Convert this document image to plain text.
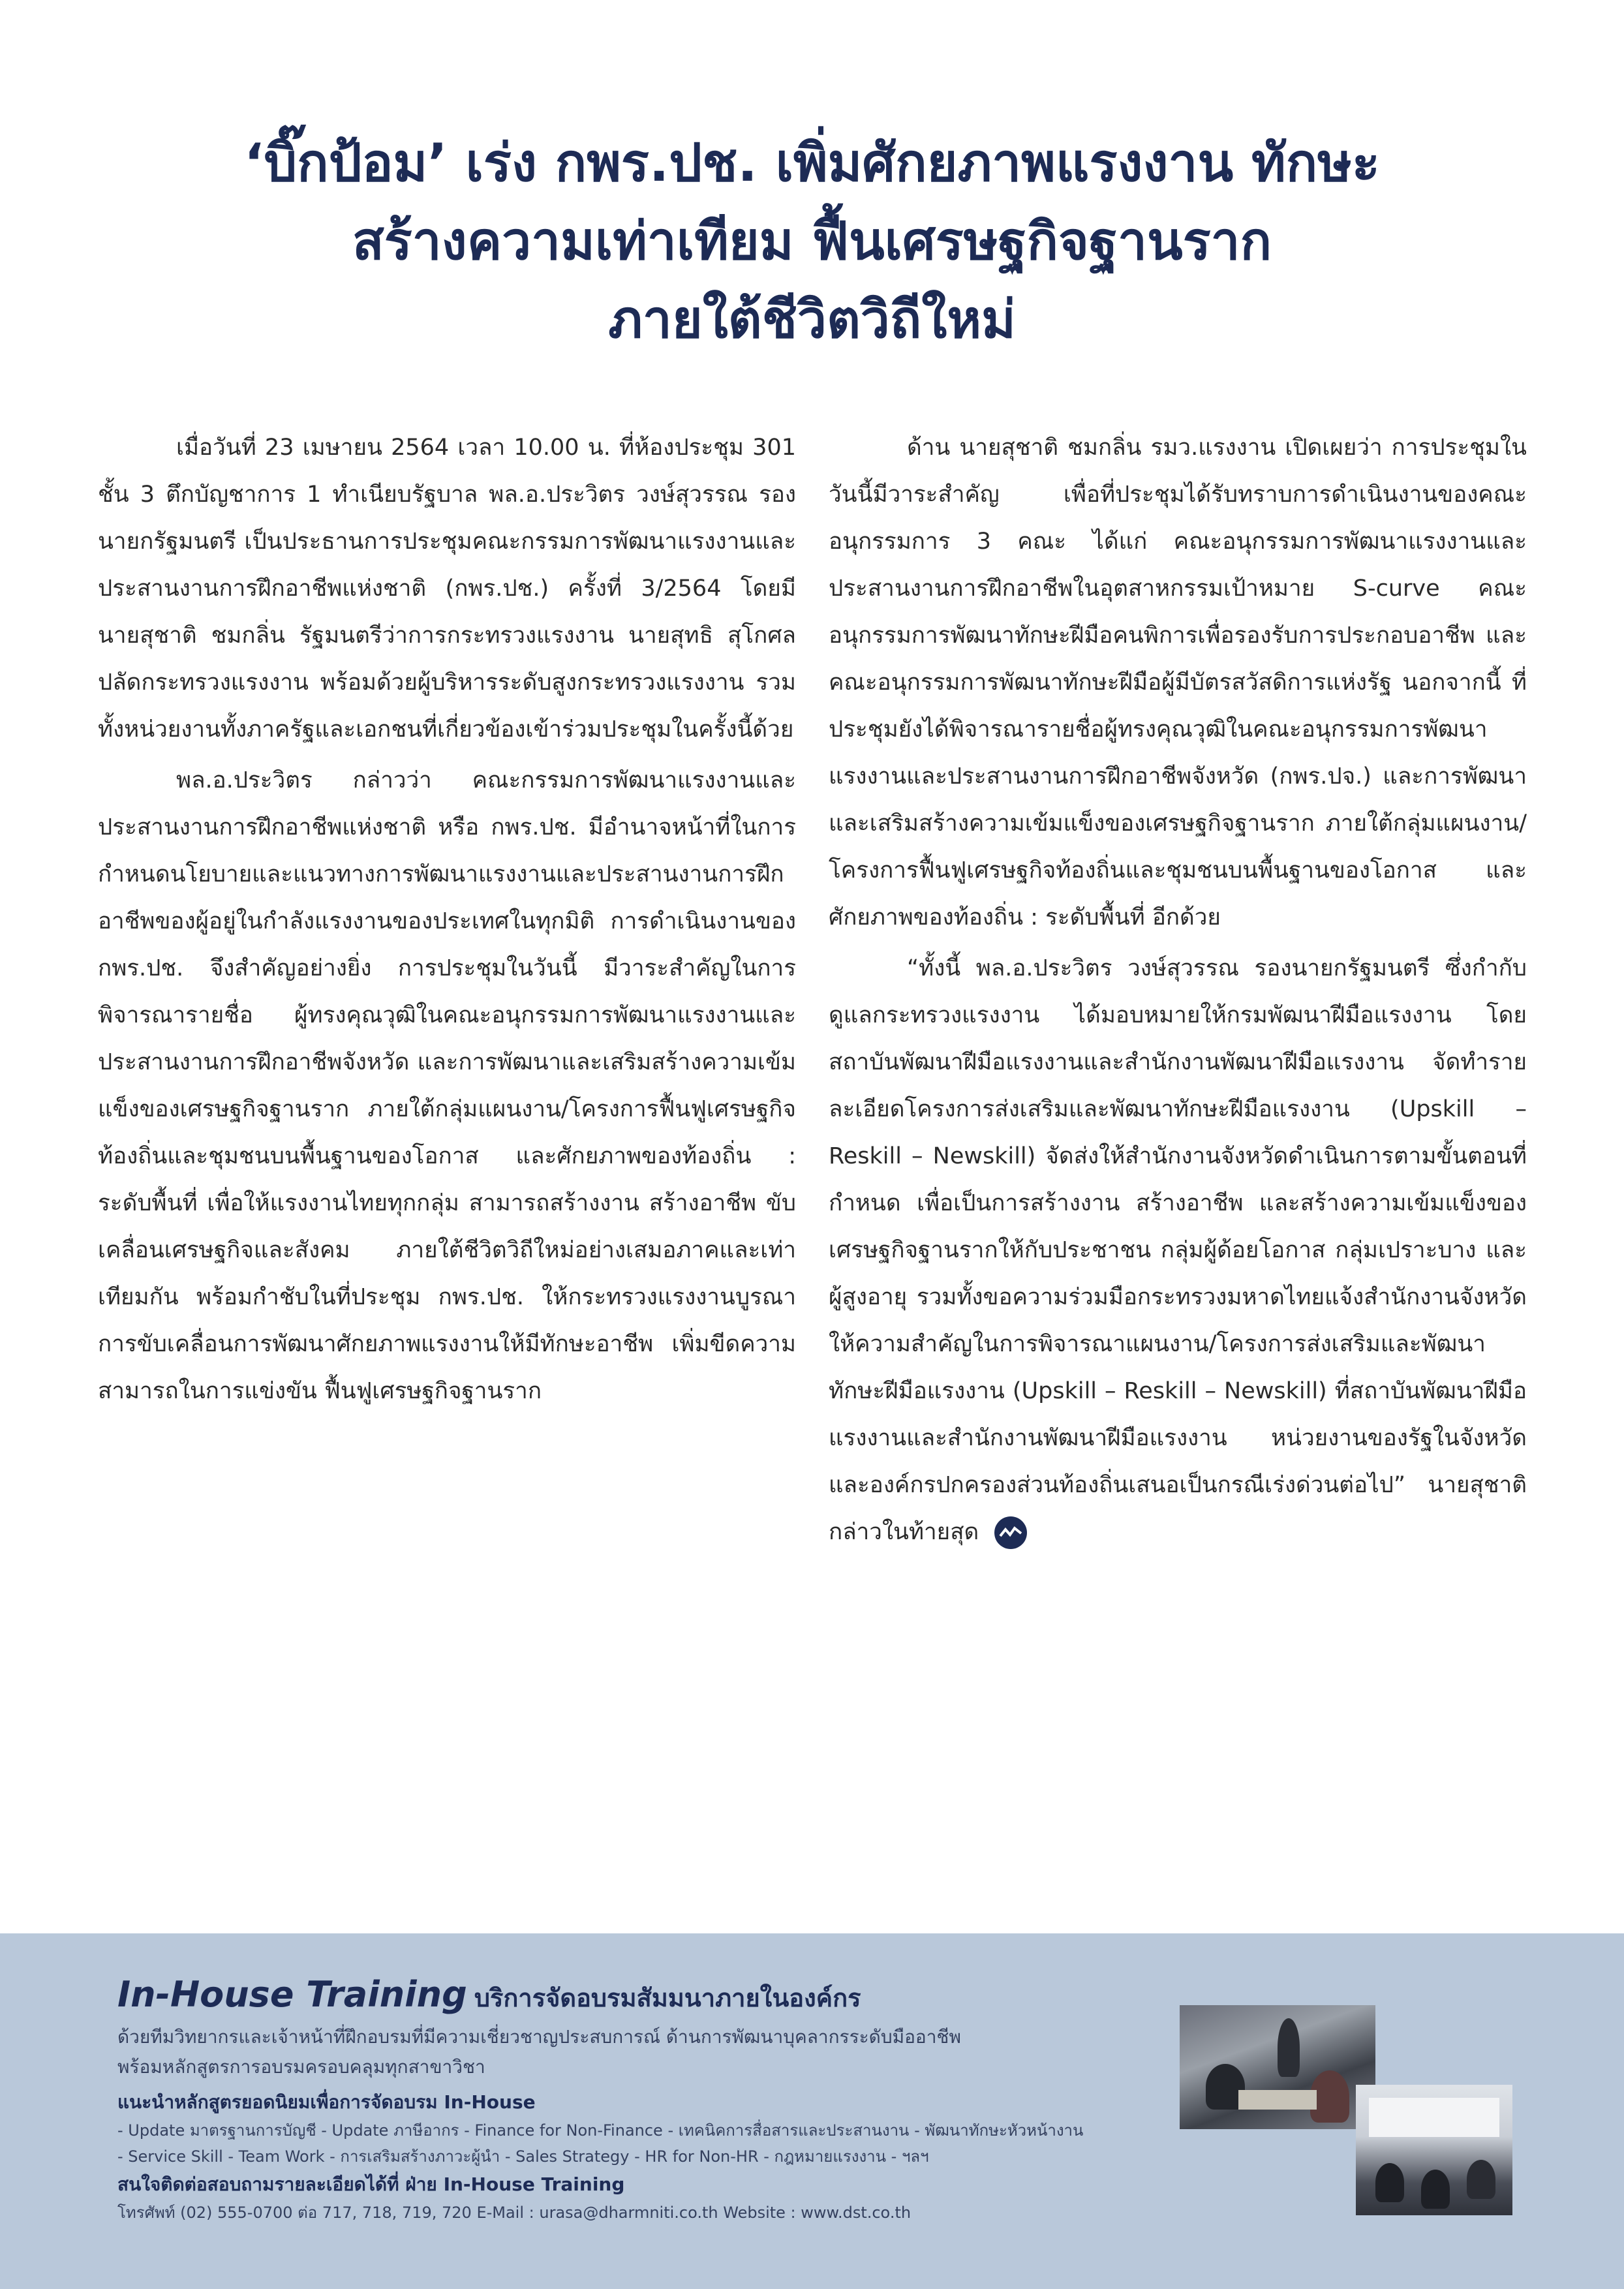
‘บิ๊กป้อม’ เร่ง กพร.ปช. เพิ่มศักยภาพแรงงาน ทักษะ
สร้างความเท่าเทียม ฟื้นเศรษฐกิจฐานราก
ภายใต้ชีวิตวิถีใหม่

เมื่อวันที่ 23 เมษายน 2564 เวลา 10.00 น. ที่ห้องประชุม 301 ชั้น 3 ตึกบัญชาการ 1 ทำเนียบรัฐบาล พล.อ.ประวิตร วงษ์สุวรรณ รองนายกรัฐมนตรี เป็นประธานการประชุมคณะกรรมการพัฒนาแรงงานและประสานงานการฝึกอาชีพแห่งชาติ (กพร.ปช.) ครั้งที่ 3/2564 โดยมี นายสุชาติ ชมกลิ่น รัฐมนตรีว่าการกระทรวงแรงงาน นายสุทธิ สุโกศล ปลัดกระทรวงแรงงาน พร้อมด้วยผู้บริหารระดับสูงกระทรวงแรงงาน รวมทั้งหน่วยงานทั้งภาครัฐและเอกชนที่เกี่ยวข้องเข้าร่วมประชุมในครั้งนี้ด้วย

พล.อ.ประวิตร กล่าวว่า คณะกรรมการพัฒนาแรงงานและประสานงานการฝึกอาชีพแห่งชาติ หรือ กพร.ปช. มีอำนาจหน้าที่ในการกำหนดนโยบายและแนวทางการพัฒนาแรงงานและประสานงานการฝึกอาชีพของผู้อยู่ในกำลังแรงงานของประเทศในทุกมิติ การดำเนินงานของ กพร.ปช. จึงสำคัญอย่างยิ่ง การประชุมในวันนี้ มีวาระสำคัญในการพิจารณารายชื่อ ผู้ทรงคุณวุฒิในคณะอนุกรรมการพัฒนาแรงงานและประสานงานการฝึกอาชีพจังหวัด และการพัฒนาและเสริมสร้างความเข้มแข็งของเศรษฐกิจฐานราก ภายใต้กลุ่มแผนงาน/โครงการฟื้นฟูเศรษฐกิจท้องถิ่นและชุมชนบนพื้นฐานของโอกาส และศักยภาพของท้องถิ่น : ระดับพื้นที่ เพื่อให้แรงงานไทยทุกกลุ่ม สามารถสร้างงาน สร้างอาชีพ ขับเคลื่อนเศรษฐกิจและสังคม ภายใต้ชีวิตวิถีใหม่อย่างเสมอภาคและเท่าเทียมกัน พร้อมกำชับในที่ประชุม กพร.ปช. ให้กระทรวงแรงงานบูรณาการขับเคลื่อนการพัฒนาศักยภาพแรงงานให้มีทักษะอาชีพ เพิ่มขีดความสามารถในการแข่งขัน ฟื้นฟูเศรษฐกิจฐานราก

ด้าน นายสุชาติ ชมกลิ่น รมว.แรงงาน เปิดเผยว่า การประชุมในวันนี้มีวาระสำคัญ เพื่อที่ประชุมได้รับทราบการดำเนินงานของคณะอนุกรรมการ 3 คณะ ได้แก่ คณะอนุกรรมการพัฒนาแรงงานและประสานงานการฝึกอาชีพในอุตสาหกรรมเป้าหมาย S-curve คณะอนุกรรมการพัฒนาทักษะฝีมือคนพิการเพื่อรองรับการประกอบอาชีพ และคณะอนุกรรมการพัฒนาทักษะฝีมือผู้มีบัตรสวัสดิการแห่งรัฐ นอกจากนี้ ที่ประชุมยังได้พิจารณารายชื่อผู้ทรงคุณวุฒิในคณะอนุกรรมการพัฒนาแรงงานและประสานงานการฝึกอาชีพจังหวัด (กพร.ปจ.) และการพัฒนาและเสริมสร้างความเข้มแข็งของเศรษฐกิจฐานราก ภายใต้กลุ่มแผนงาน/โครงการฟื้นฟูเศรษฐกิจท้องถิ่นและชุมชนบนพื้นฐานของโอกาส และศักยภาพของท้องถิ่น : ระดับพื้นที่ อีกด้วย

“ทั้งนี้ พล.อ.ประวิตร วงษ์สุวรรณ รองนายกรัฐมนตรี ซึ่งกำกับดูแลกระทรวงแรงงาน ได้มอบหมายให้กรมพัฒนาฝีมือแรงงาน โดยสถาบันพัฒนาฝีมือแรงงานและสำนักงานพัฒนาฝีมือแรงงาน จัดทำรายละเอียดโครงการส่งเสริมและพัฒนาทักษะฝีมือแรงงาน (Upskill – Reskill – Newskill) จัดส่งให้สำนักงานจังหวัดดำเนินการตามขั้นตอนที่กำหนด เพื่อเป็นการสร้างงาน สร้างอาชีพ และสร้างความเข้มแข็งของเศรษฐกิจฐานรากให้กับประชาชน กลุ่มผู้ด้อยโอกาส กลุ่มเปราะบาง และผู้สูงอายุ รวมทั้งขอความร่วมมือกระทรวงมหาดไทยแจ้งสำนักงานจังหวัดให้ความสำคัญในการพิจารณาแผนงาน/โครงการส่งเสริมและพัฒนาทักษะฝีมือแรงงาน (Upskill – Reskill – Newskill) ที่สถาบันพัฒนาฝีมือแรงงานและสำนักงานพัฒนาฝีมือแรงงาน หน่วยงานของรัฐในจังหวัดและองค์กรปกครองส่วนท้องถิ่นเสนอเป็นกรณีเร่งด่วนต่อไป” นายสุชาติ กล่าวในท้ายสุด

In-House Training บริการจัดอบรมสัมมนาภายในองค์กร
ด้วยทีมวิทยากรและเจ้าหน้าที่ฝึกอบรมที่มีความเชี่ยวชาญประสบการณ์ ด้านการพัฒนาบุคลากรระดับมืออาชีพ
พร้อมหลักสูตรการอบรมครอบคลุมทุกสาขาวิชา
แนะนำหลักสูตรยอดนิยมเพื่อการจัดอบรม In-House
- Update มาตรฐานการบัญชี - Update ภาษีอากร - Finance for Non-Finance - เทคนิคการสื่อสารและประสานงาน - พัฒนาทักษะหัวหน้างาน
- Service Skill - Team Work - การเสริมสร้างภาวะผู้นำ - Sales Strategy - HR for Non-HR - กฎหมายแรงงาน - ฯลฯ
สนใจติดต่อสอบถามรายละเอียดได้ที่ ฝ่าย In-House Training
โทรศัพท์ (02) 555-0700 ต่อ 717, 718, 719, 720 E-Mail : urasa@dharmniti.co.th Website : www.dst.co.th
